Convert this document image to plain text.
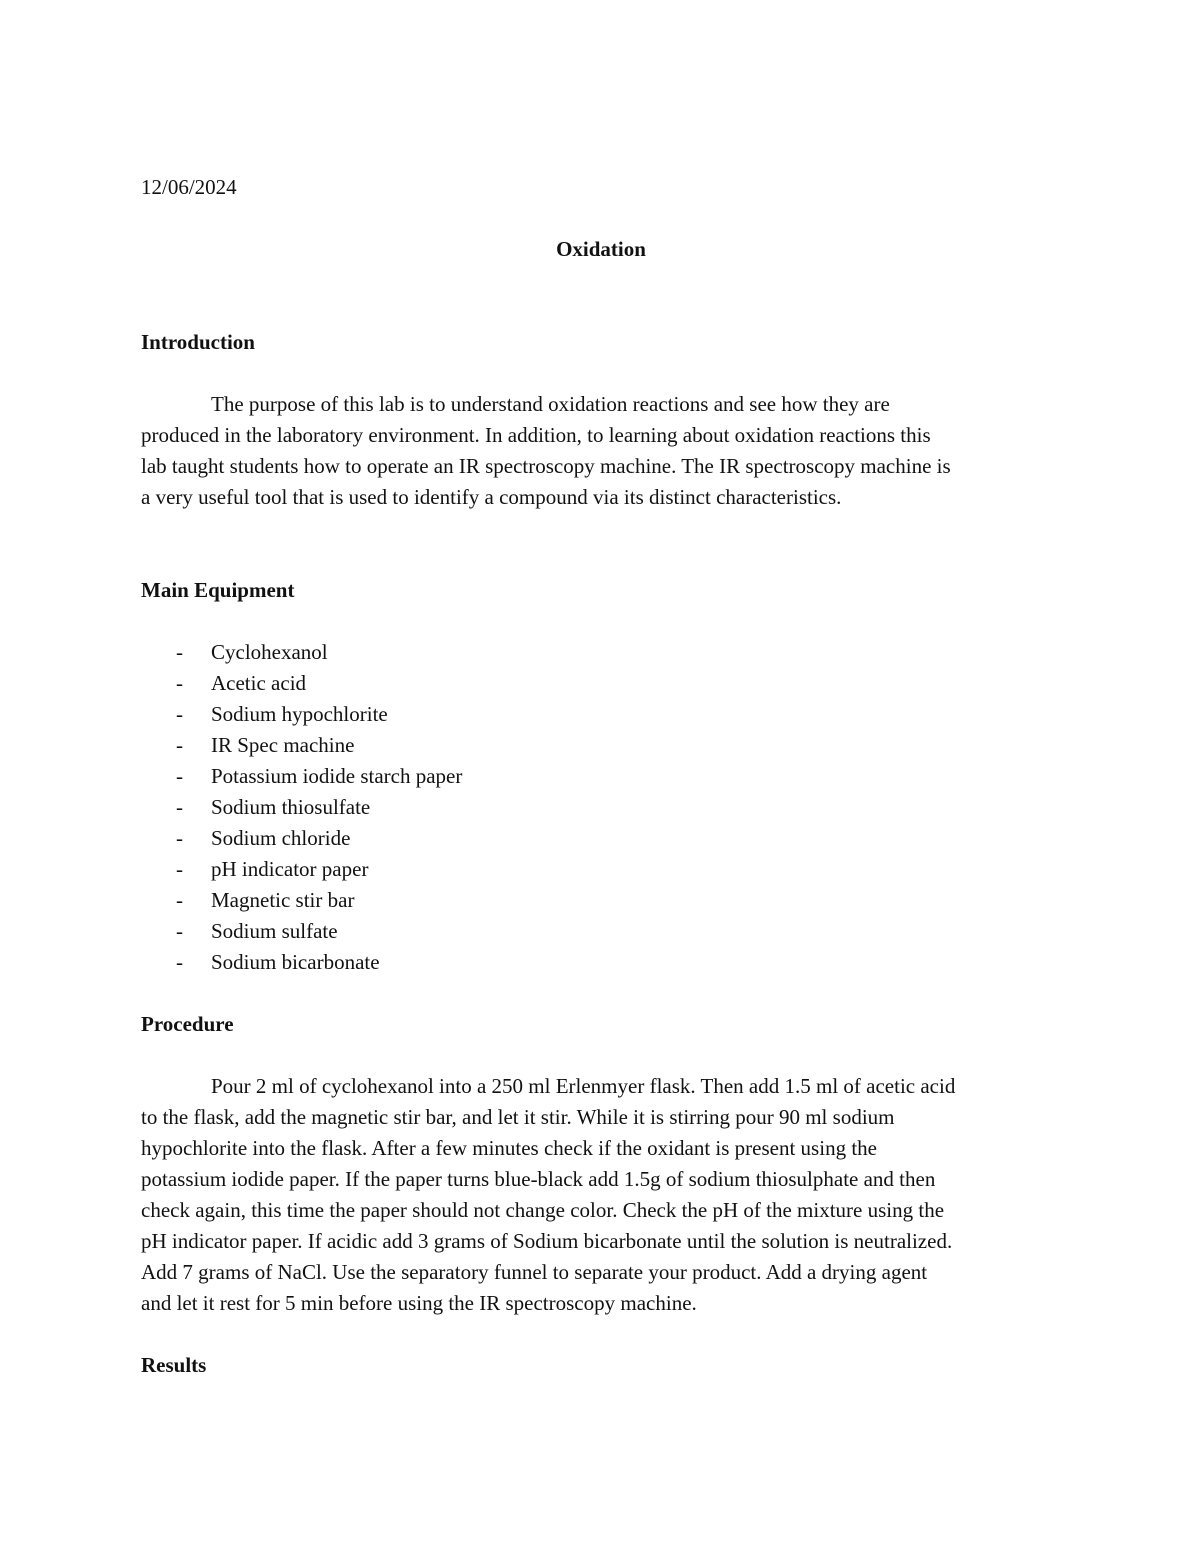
12/06/2024

Oxidation

Introduction

The purpose of this lab is to understand oxidation reactions and see how they are
produced in the laboratory environment. In addition, to learning about oxidation reactions this
lab taught students how to operate an IR spectroscopy machine. The IR spectroscopy machine is
a very useful tool that is used to identify a compound via its distinct characteristics.

Main Equipment

- Cyclohexanol
- Acetic acid
- Sodium hypochlorite
- IR Spec machine
- Potassium iodide starch paper
- Sodium thiosulfate
- Sodium chloride
- pH indicator paper
- Magnetic stir bar
- Sodium sulfate
- Sodium bicarbonate

Procedure

Pour 2 ml of cyclohexanol into a 250 ml Erlenmyer flask. Then add 1.5 ml of acetic acid
to the flask, add the magnetic stir bar, and let it stir. While it is stirring pour 90 ml sodium
hypochlorite into the flask. After a few minutes check if the oxidant is present using the
potassium iodide paper. If the paper turns blue-black add 1.5g of sodium thiosulphate and then
check again, this time the paper should not change color. Check the pH of the mixture using the
pH indicator paper. If acidic add 3 grams of Sodium bicarbonate until the solution is neutralized.
Add 7 grams of NaCl. Use the separatory funnel to separate your product. Add a drying agent
and let it rest for 5 min before using the IR spectroscopy machine.

Results
